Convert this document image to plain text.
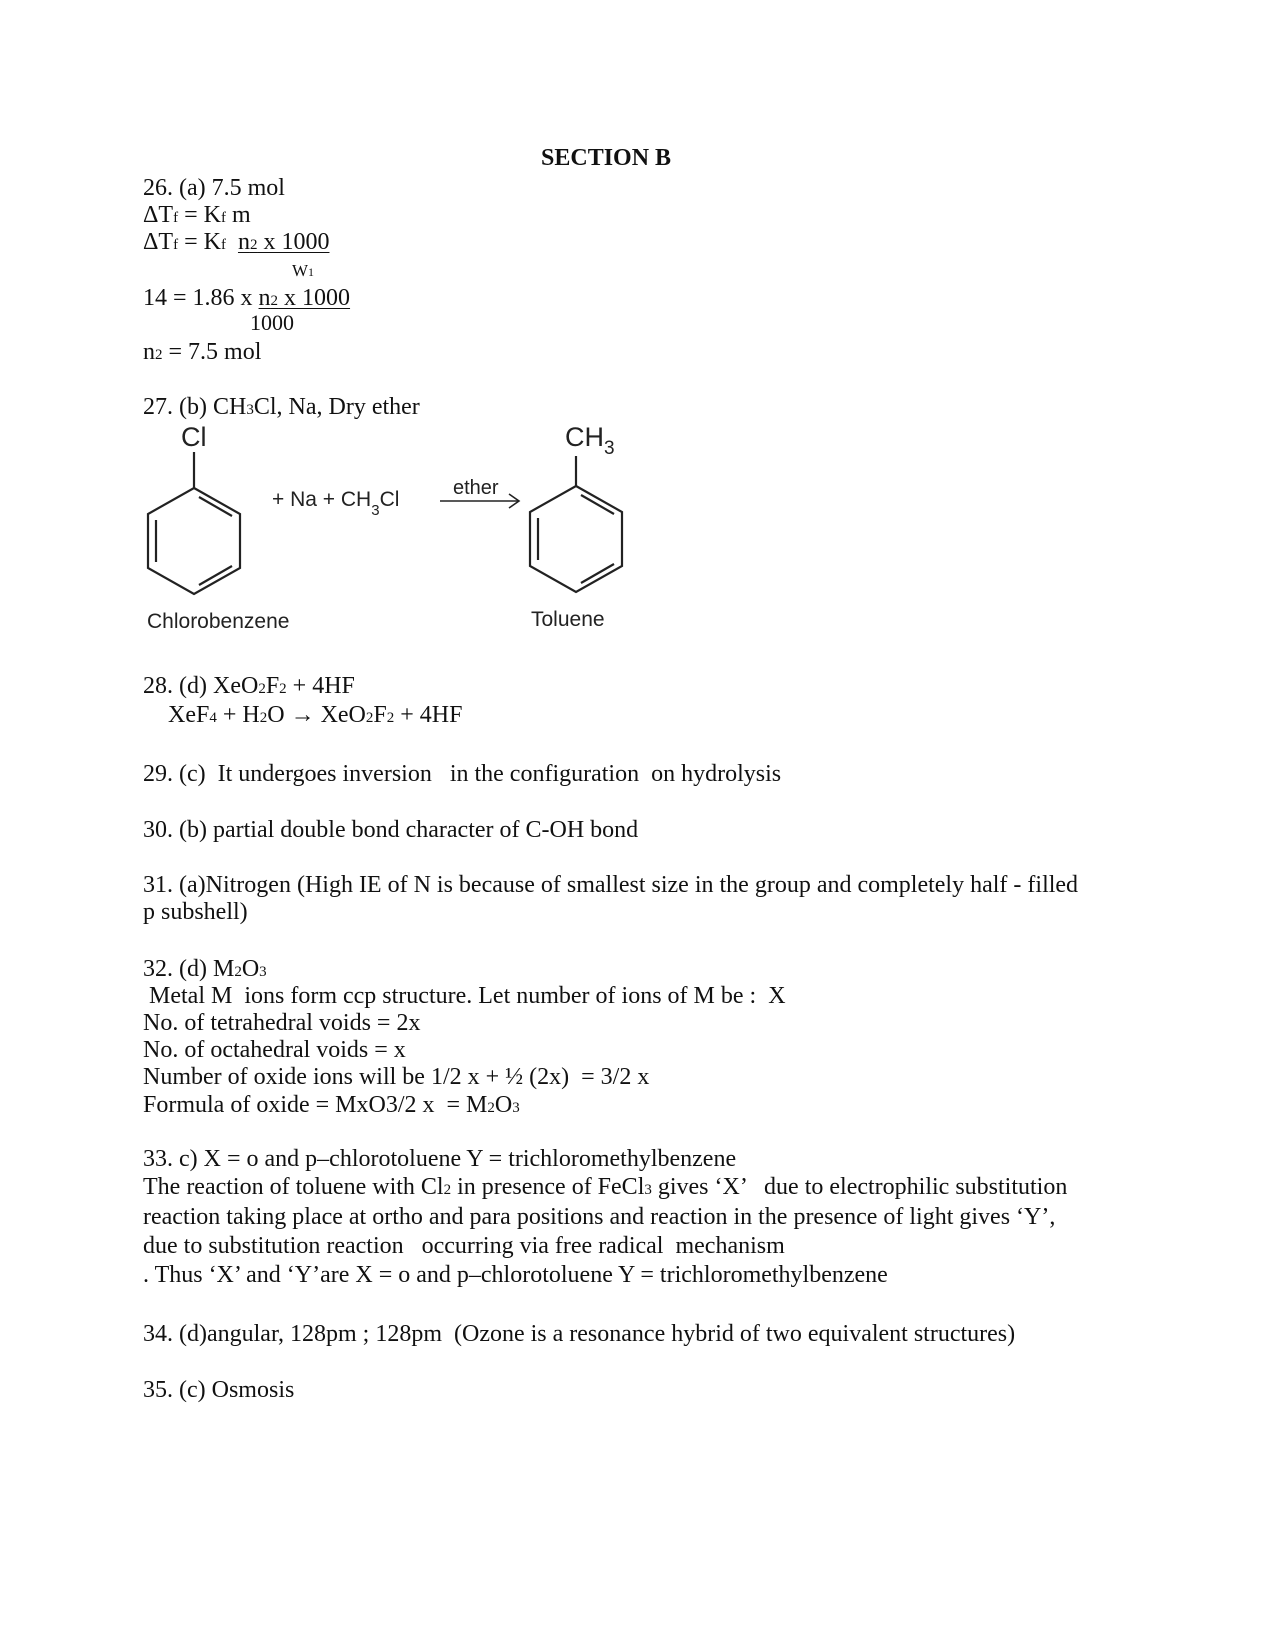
SECTION B
26. (a) 7.5 mol
ΔTf = Kf m
ΔTf = Kf n2 x 1000
W1
14 = 1.86 x n2 x 1000
1000
n2 = 7.5 mol
27. (b) CH3Cl, Na, Dry ether
Cl
Chlorobenzene
+ $Na + CH_3Cl$	ether
$CH_3$
Toluene
28. (d) XeO2F2 + 4HF
XeF4 + H2O → XeO2F2 + 4HF
29. (c)  It undergoes inversion   in the configuration  on hydrolysis
30. (b) partial double bond character of C-OH bond
31. (a)Nitrogen (High IE of N is because of smallest size in the group and completely half - filled
p subshell)
32. (d) M2O3
Metal M  ions form ccp structure. Let number of ions of M be :  X
No. of tetrahedral voids = 2x
No. of octahedral voids = x
Number of oxide ions will be 1/2 x + ½ (2x)  = 3/2 x
Formula of oxide = MxO3/2 x  = M2O3
33. c) X = o and p–chlorotoluene Y = trichloromethylbenzene
The reaction of toluene with Cl2 in presence of FeCl3 gives ‘X’   due to electrophilic substitution
reaction taking place at ortho and para positions and reaction in the presence of light gives ‘Y’,
due to substitution reaction   occurring via free radical  mechanism
. Thus ‘X’ and ‘Y’are X = o and p–chlorotoluene Y = trichloromethylbenzene
34. (d)angular, 128pm ; 128pm  (Ozone is a resonance hybrid of two equivalent structures)
35. (c) Osmosis
